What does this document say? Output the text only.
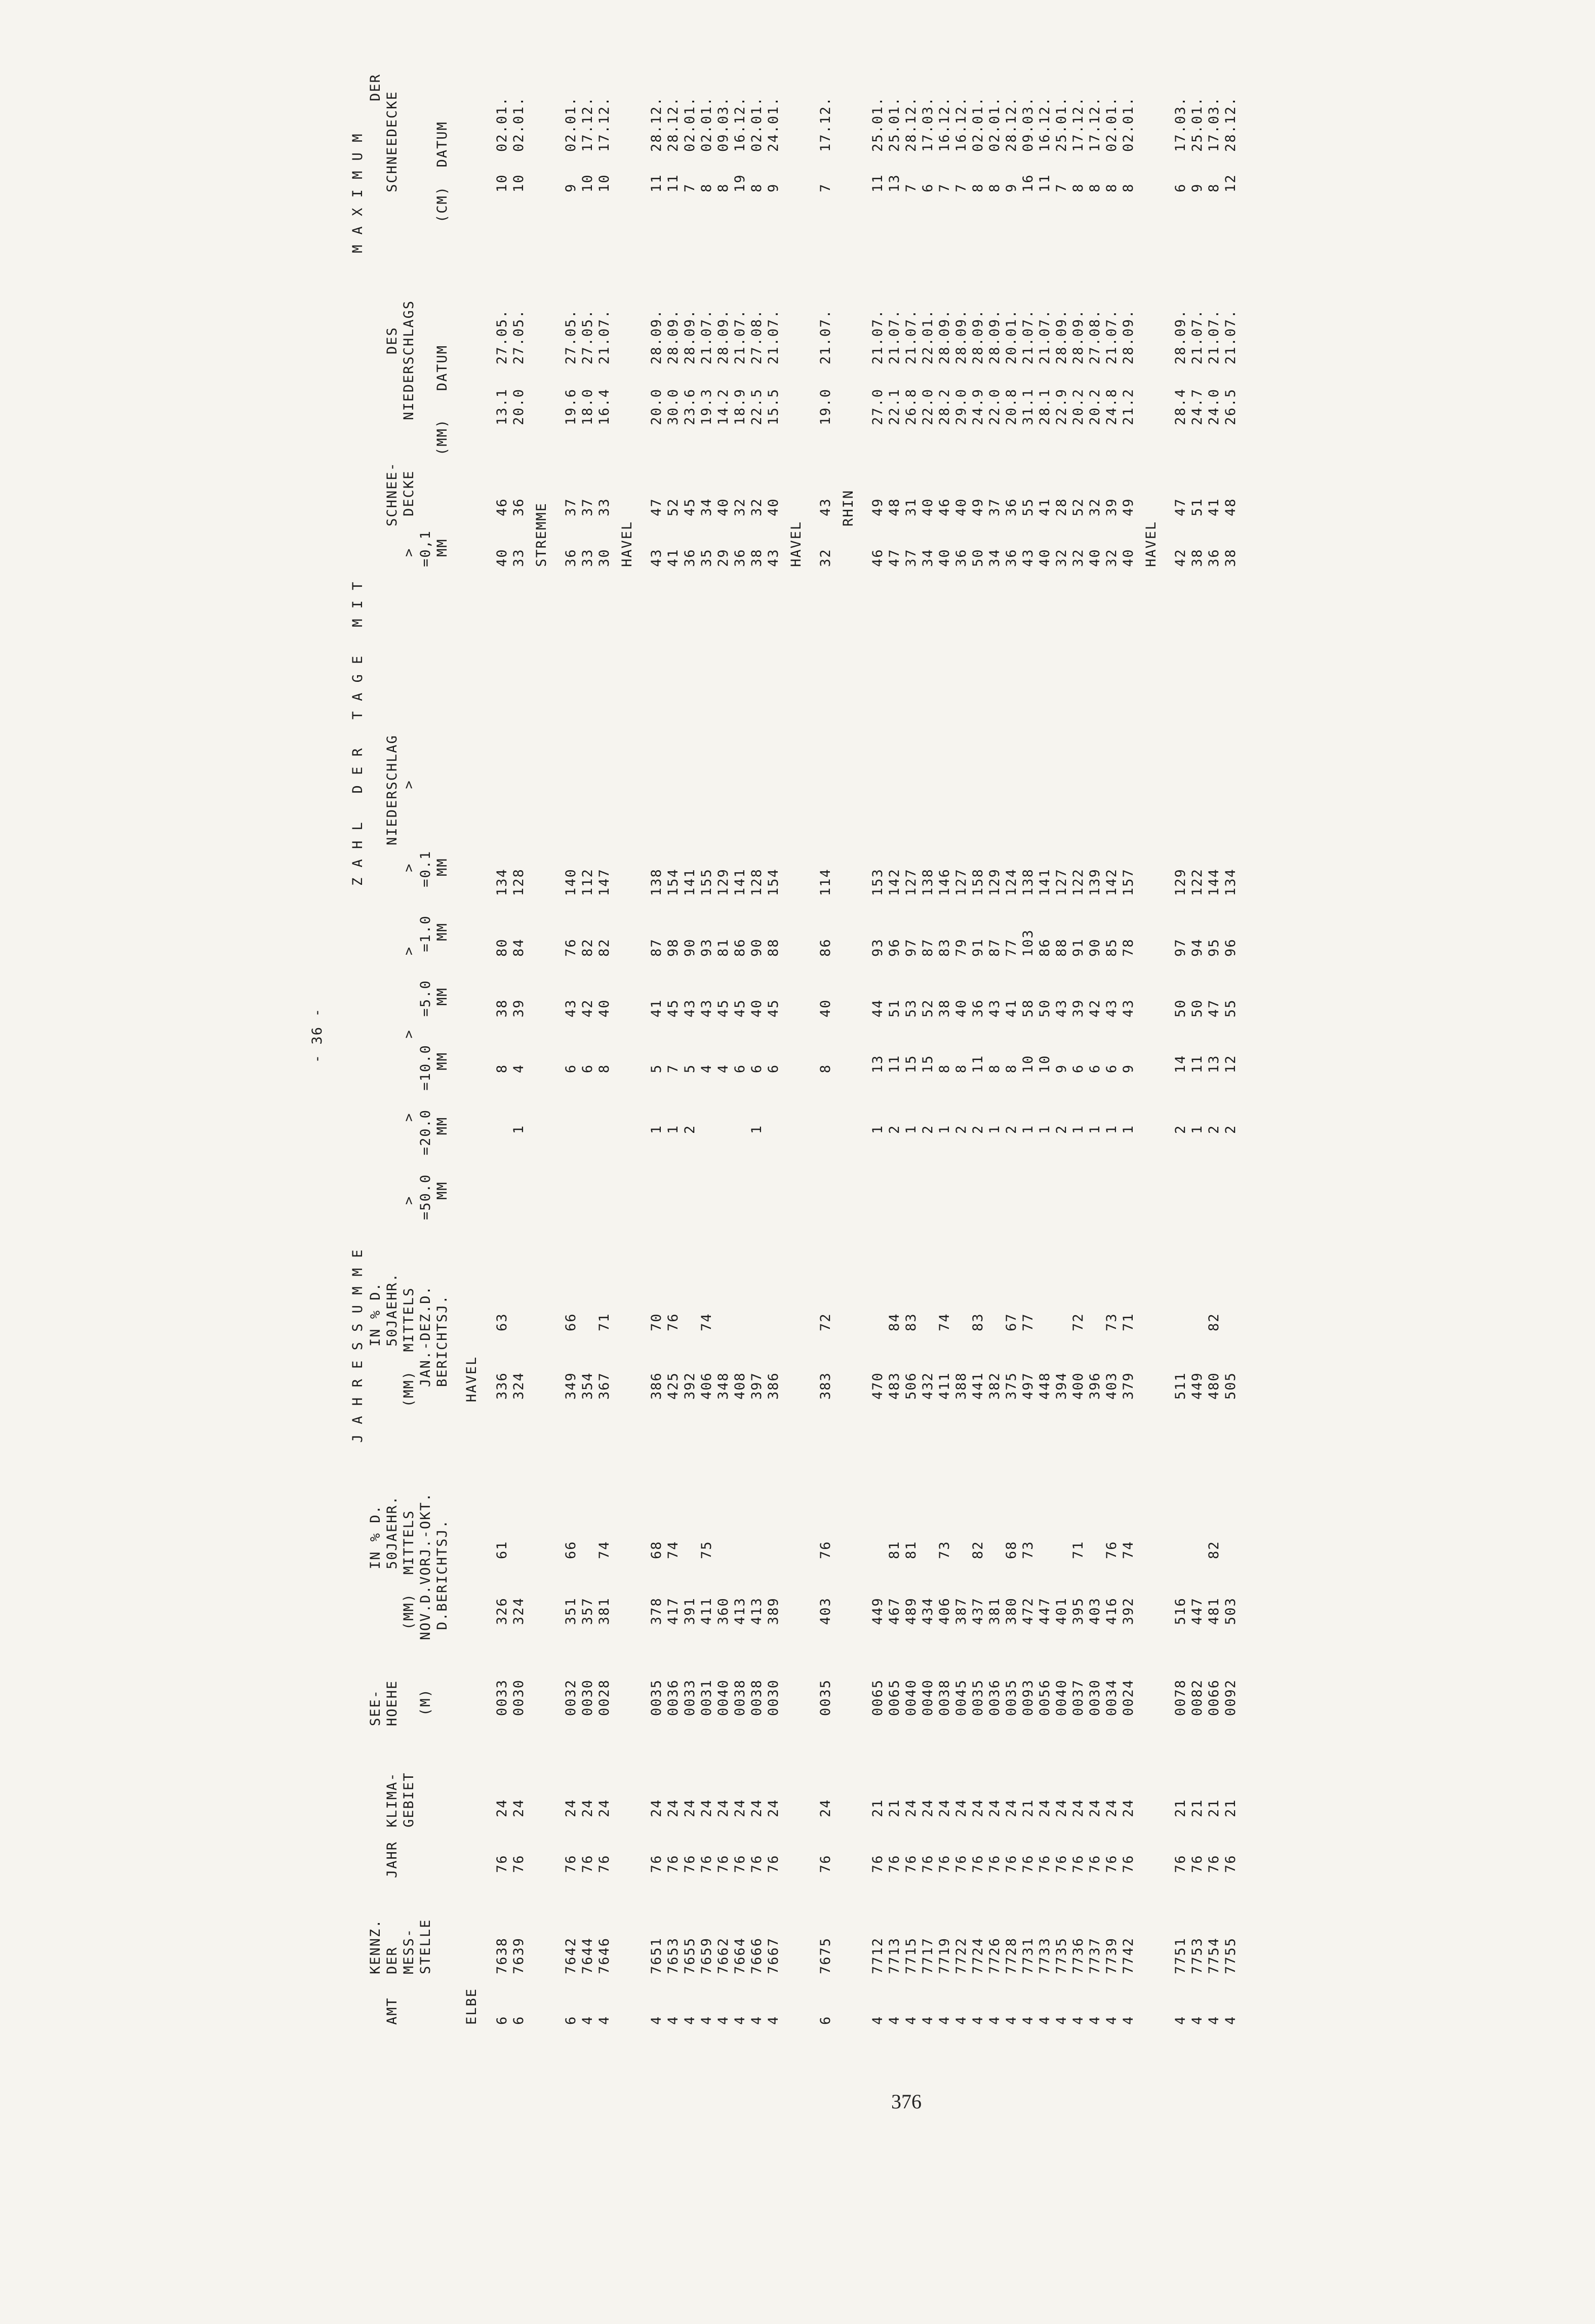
- 36 -
J A H R E S S U M M E
Z A H L   D E R   T A G E   M I T
M A X I M U M
KENNZ.
AMT
DER MESS- STELLE
JAHR
KLIMA- GEBIET
SEE- HOEHE (M)
IN % D. 50JAEHR. (MM)  MITTELS NOV.D.VORJ.-OKT. D.BERICHTSJ.
IN % D. 50JAEHR. (MM)  MITTELS JAN.-DEZ.D. BERICHTSJ.
NIEDERSCHLAG >        >        >        >        >        > =50.0  =20.0  =10.0   =5.0   =1.0   =0.1 MM     MM     MM     MM     MM     MM
SCHNEE- DECKE
> =0,1 MM
DES NIEDERSCHLAGS
DER
SCHNEEDECKE
(MM)   DATUM
(CM)  DATUM
ELBE 6
7638
76
24
0033
326
61
336
63
8
38
80
134
40
46
13.1
27.05.
10
02.01.
HAVEL
6
7639
76
24
0030
324
324
1
4
39
84
128
33
36
20.0
27.05.
10
02.01.
STREMME
6
7642
76
24
0032
351
66
349
66
6
43
76
140
36
37
19.6
27.05.
9
02.01.
4
7644
76
24
0030
357
354
6
42
82
112
33
37
18.0
27.05.
10
17.12.
4
7646
76
24
0028
381
74
367
71
8
40
82
147
30
33
16.4
21.07.
10
17.12.
HAVEL
4
7651
76
24
0035
378
68
386
70
1
5
41
87
138
43
47
20.0
28.09.
11
28.12.
4
7653
76
24
0036
417
74
425
76
1
7
45
98
154
41
52
30.0
28.09.
11
28.12.
4
7655
76
24
0033
391
392
2
5
43
90
141
36
45
23.6
28.09.
7
02.01.
4
7659
76
24
0031
411
75
406
74
4
43
93
155
35
34
19.3
21.07.
8
02.01.
4
7662
76
24
0040
360
348
4
45
81
129
29
40
14.2
28.09.
8
09.03.
4
7664
76
24
0038
413
408
6
45
86
141
36
32
18.9
21.07.
19
16.12.
4
7666
76
24
0038
413
397
1
6
40
90
128
38
32
22.5
27.08.
8
02.01.
4
7667
76
24
0030
389
386
6
45
88
154
43
40
15.5
21.07.
9
24.01.
HAVEL
6
7675
76
24
0035
403
76
383
72
8
40
86
114
32
43
19.0
21.07.
7
17.12.
RHIN
4
7712
76
21
0065
449
470
1
13
44
93
153
46
49
27.0
21.07.
11
25.01.
4
7713
76
21
0065
467
81
483
84
2
11
51
96
142
47
48
22.1
21.07.
13
25.01.
4
7715
76
24
0040
489
81
506
83
1
15
53
97
127
37
31
26.8
21.07.
7
28.12.
4
7717
76
24
0040
434
432
2
15
52
87
138
34
40
22.0
22.01.
6
17.03.
4
7719
76
24
0038
406
73
411
74
1
8
38
83
146
40
46
28.2
28.09.
7
16.12.
4
7722
76
24
0045
387
388
2
8
40
79
127
36
40
29.0
28.09.
7
16.12.
4
7724
76
24
0035
437
82
441
83
2
11
36
91
158
50
49
24.9
28.09.
8
02.01.
4
7726
76
24
0036
381
382
1
8
43
87
129
34
37
22.0
28.09.
8
02.01.
4
7728
76
24
0035
380
68
375
67
2
8
41
77
124
36
36
20.8
20.01.
9
28.12.
4
7731
76
21
0093
472
73
497
77
1
10
58
103
138
43
55
31.1
21.07.
16
09.03.
4
7733
76
24
0056
447
448
1
10
50
86
141
40
41
28.1
21.07.
11
16.12.
4
7735
76
24
0040
401
394
2
9
43
88
127
32
28
22.9
28.09.
7
25.01.
4
7736
76
24
0037
395
71
400
72
1
6
39
91
122
32
52
20.2
28.09.
8
17.12.
4
7737
76
24
0030
403
396
1
6
42
90
139
40
32
20.2
27.08.
8
17.12.
4
7739
76
24
0034
416
76
403
73
1
6
43
85
142
32
39
24.8
21.07.
8
02.01.
4
7742
76
24
0024
392
74
379
71
1
9
43
78
157
40
49
21.2
28.09.
8
02.01.
HAVEL
4
7751
76
21
0078
516
511
2
14
50
97
129
42
47
28.4
28.09.
6
17.03.
4
7753
76
21
0082
447
449
1
11
50
94
122
38
51
24.7
21.07.
9
25.01.
4
7754
76
21
0066
481
82
480
82
2
13
47
95
144
36
41
24.0
21.07.
8
17.03.
4
7755
76
21
0092
503
505
2
12
55
96
134
38
48
26.5
21.07.
12
28.12.
376
